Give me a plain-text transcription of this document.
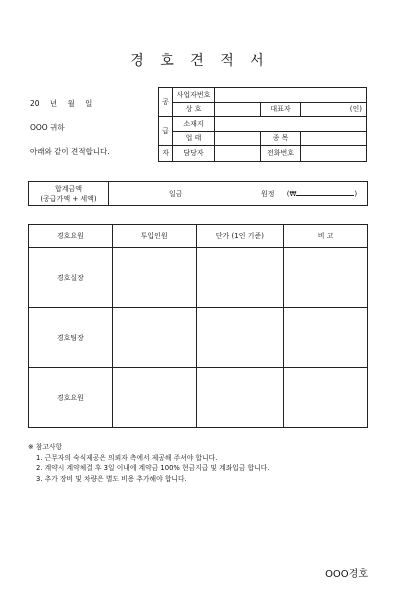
경 호 견 적 서
20 년 월 일
OOO 귀하
아래와 같이 견적합니다.
공	사업자번호			
	상 호		대표자	(인)

급	소재지			
	업 태		종 목	

자	담당자		전화번호	
합계금액
(공급가액 + 세액)
	일금	원정 (₩	)
경호요원	투입인원	단가 (1인 기준)	비 고
경호실장			
경호팀장			
경호요원			
※ 참고사항
1. 근무자의 숙식제공은 의뢰자 측에서 제공해 주셔야 합니다.
2. 계약시 계약체결 후 3일 이내에 계약금 100% 현금지급 및 계좌입금 합니다.
3. 추가 장비 및 차량은 별도 비용 추가해야 합니다.
OOO경호
